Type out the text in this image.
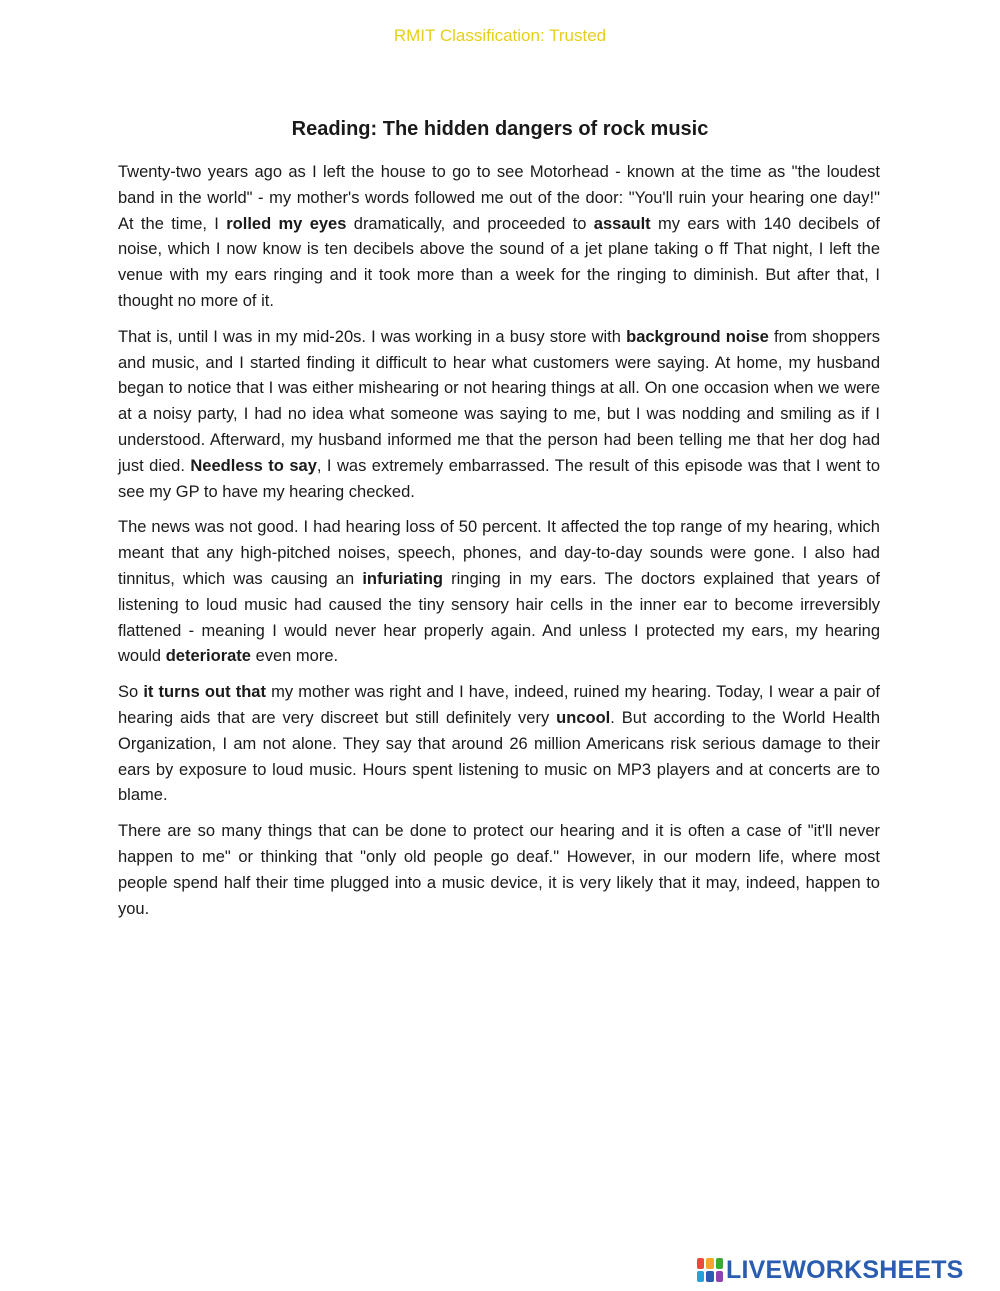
RMIT Classification: Trusted
Reading: The hidden dangers of rock music

Twenty-two years ago as I left the house to go to see Motorhead - known at the time as "the loudest band in the world" - my mother's words followed me out of the door: "You'll ruin your hearing one day!" At the time, I rolled my eyes dramatically, and proceeded to assault my ears with 140 decibels of noise, which I now know is ten decibels above the sound of a jet plane taking o ff That night, I left the venue with my ears ringing and it took more than a week for the ringing to diminish. But after that, I thought no more of it.

That is, until I was in my mid-20s. I was working in a busy store with background noise from shoppers and music, and I started finding it difficult to hear what customers were saying. At home, my husband began to notice that I was either mishearing or not hearing things at all. On one occasion when we were at a noisy party, I had no idea what someone was saying to me, but I was nodding and smiling as if I understood. Afterward, my husband informed me that the person had been telling me that her dog had just died. Needless to say, I was extremely embarrassed. The result of this episode was that I went to see my GP to have my hearing checked.

The news was not good. I had hearing loss of 50 percent. It affected the top range of my hearing, which meant that any high-pitched noises, speech, phones, and day-to-day sounds were gone. I also had tinnitus, which was causing an infuriating ringing in my ears. The doctors explained that years of listening to loud music had caused the tiny sensory hair cells in the inner ear to become irreversibly flattened - meaning I would never hear properly again. And unless I protected my ears, my hearing would deteriorate even more.

So it turns out that my mother was right and I have, indeed, ruined my hearing. Today, I wear a pair of hearing aids that are very discreet but still definitely very uncool. But according to the World Health Organization, I am not alone. They say that around 26 million Americans risk serious damage to their ears by exposure to loud music. Hours spent listening to music on MP3 players and at concerts are to blame.

There are so many things that can be done to protect our hearing and it is often a case of "it'll never happen to me" or thinking that "only old people go deaf." However, in our modern life, where most people spend half their time plugged into a music device, it is very likely that it may, indeed, happen to you.

LIVEWORKSHEETS
